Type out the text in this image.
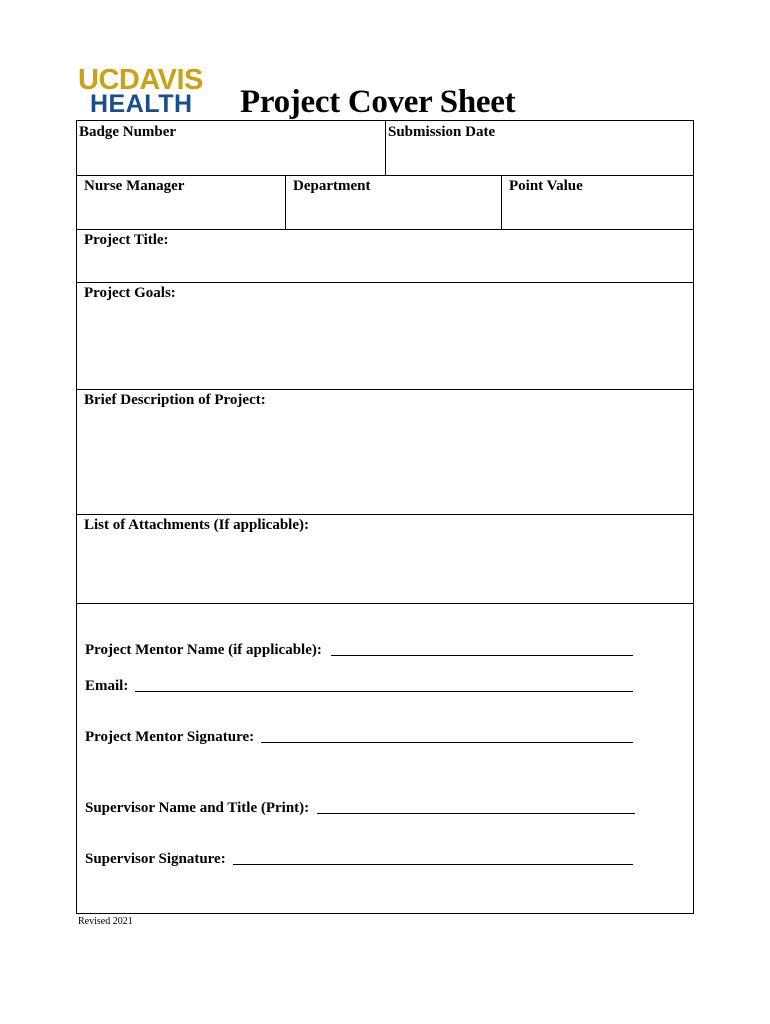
UC DAVIS
HEALTH	Project Cover Sheet
Badge Number	Submission Date
Nurse Manager	Department	Point Value
Project Title:
Project Goals:
Brief Description of Project:
List of Attachments (If applicable):
Project Mentor Name (if applicable):
Email:
Project Mentor Signature:
Supervisor Name and Title (Print):
Supervisor Signature:
Revised 2021
